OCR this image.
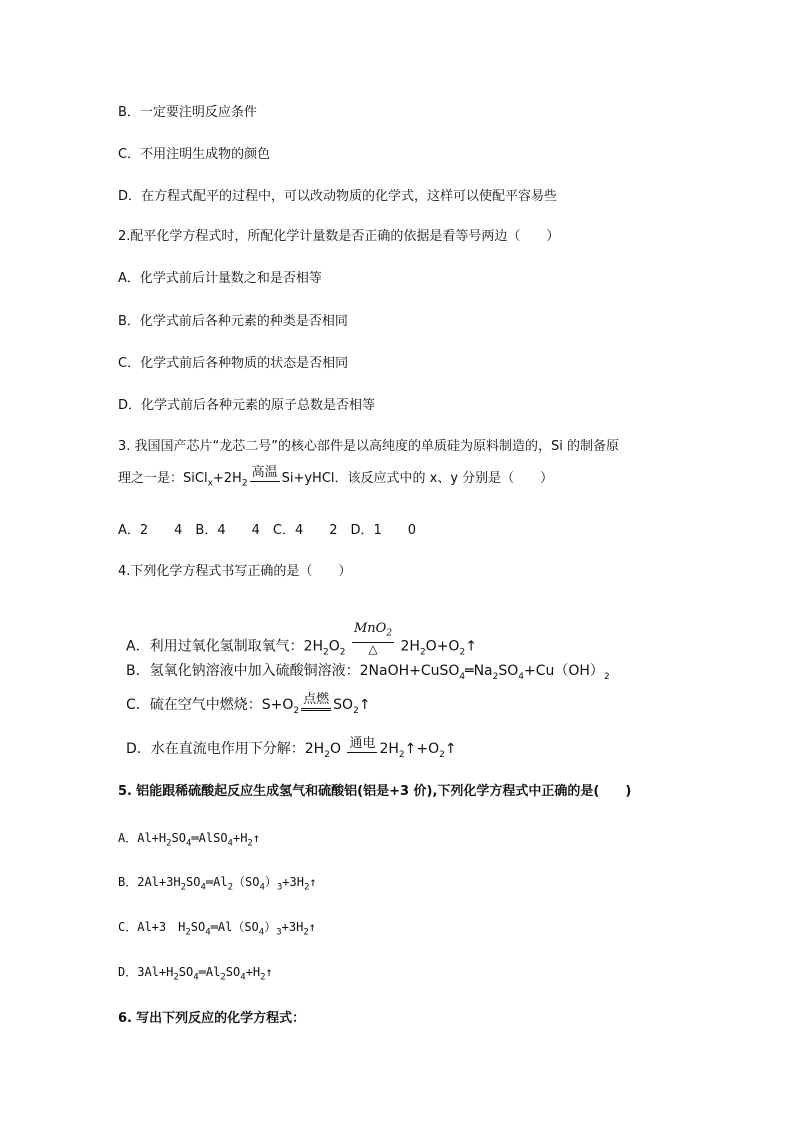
B．一定要注明反应条件
C．不用注明生成物的颜色
D．在方程式配平的过程中，可以改动物质的化学式，这样可以使配平容易些
2.配平化学方程式时，所配化学计量数是否正确的依据是看等号两边（　　）
A．化学式前后计量数之和是否相等
B．化学式前后各种元素的种类是否相同
C．化学式前后各种物质的状态是否相同
D．化学式前后各种元素的原子总数是否相等
3. 我国国产芯片“龙芯二号”的核心部件是以高纯度的单质硅为原料制造的，Si 的制备原
理之一是：$SiCl_x+2H_2$
高温 Si+yHCl．该反应式中的 x、y 分别是（　　）
A．2　　4　B．4　　4　C．4　　2　D．1　　0
4.下列化学方程式书写正确的是（　　）
A．利用过氧化氢制取氧气：$2H_2O_2$
MnO$_2$
△	$2H_2O+O_2↑$
B．氢氧化钠溶液中加入硫酸铜溶液：$2NaOH+CuSO_4═Na_2SO_4+Cu(OH)_2$
C．硫在空气中燃烧：$S+O_2$
点燃 $SO_2↑$
D．水在直流电作用下分解：$2H_2O$ 通电 $2H_2↑+O_2↑$
5. 铝能跟稀硫酸起反应生成氢气和硫酸铝(铝是+3 价),下列化学方程式中正确的是(　　)
A．$Al+H_2SO_4═AlSO_4+H_2↑$
B．$2Al+3H_2SO_4═Al_2(SO_4)_3+3H_2↑$
C．Al+3　$H_2SO_4═Al(SO_4)_3+3H_2↑$
D．$3Al+H_2SO_4═Al_2SO_4+H_2↑$
6. 写出下列反应的化学方程式：
